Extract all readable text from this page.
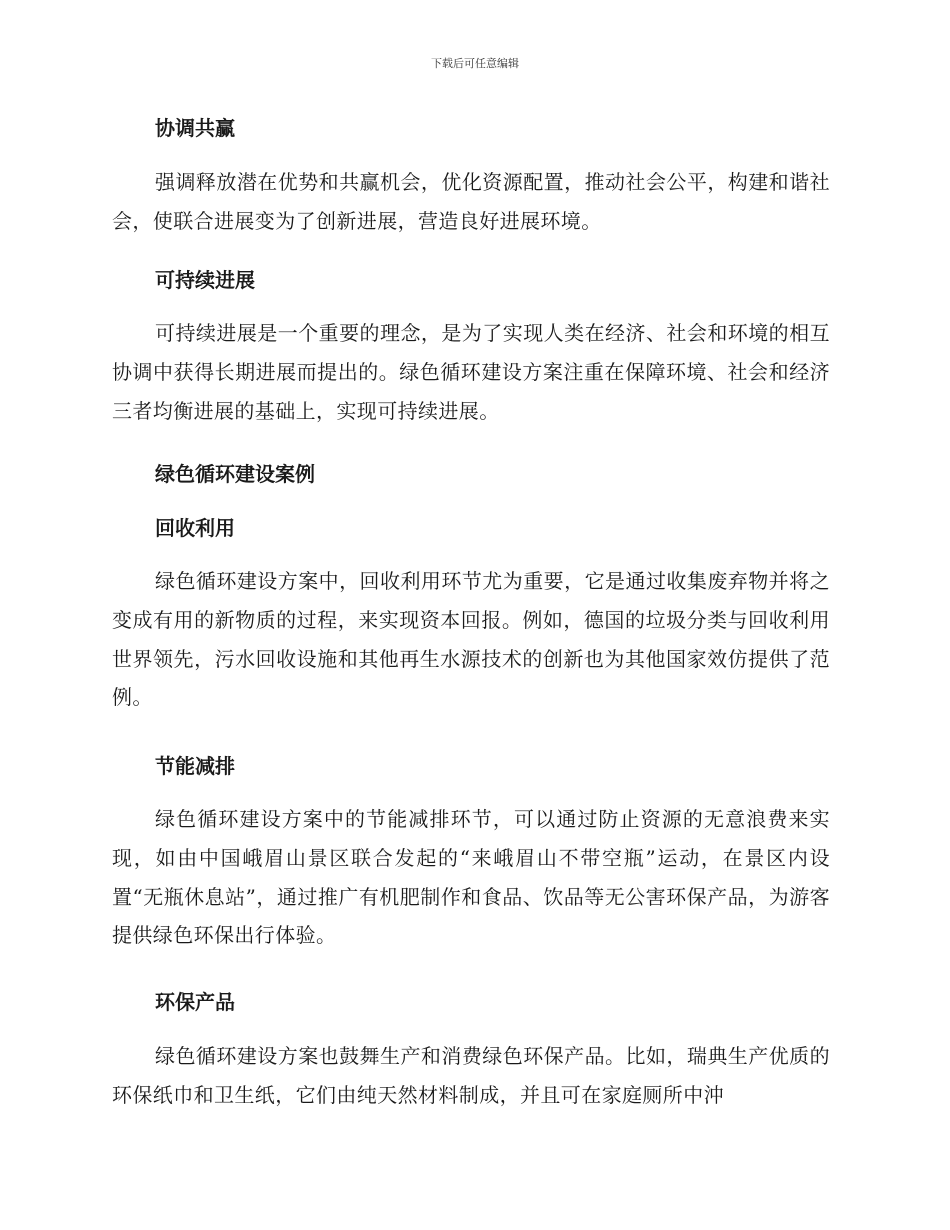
下载后可任意编辑
协调共赢
强调释放潜在优势和共赢机会，优化资源配置，推动社会公平，构建和谐社会，使联合进展变为了创新进展，营造良好进展环境。
可持续进展
可持续进展是一个重要的理念，是为了实现人类在经济、社会和环境的相互协调中获得长期进展而提出的。绿色循环建设方案注重在保障环境、社会和经济三者均衡进展的基础上，实现可持续进展。
绿色循环建设案例
回收利用
绿色循环建设方案中，回收利用环节尤为重要，它是通过收集废弃物并将之变成有用的新物质的过程，来实现资本回报。例如，德国的垃圾分类与回收利用世界领先，污水回收设施和其他再生水源技术的创新也为其他国家效仿提供了范例。
节能减排
绿色循环建设方案中的节能减排环节，可以通过防止资源的无意浪费来实现，如由中国峨眉山景区联合发起的“来峨眉山不带空瓶”运动，在景区内设置“无瓶休息站”，通过推广有机肥制作和食品、饮品等无公害环保产品，为游客提供绿色环保出行体验。
环保产品
绿色循环建设方案也鼓舞生产和消费绿色环保产品。比如，瑞典生产优质的环保纸巾和卫生纸，它们由纯天然材料制成，并且可在家庭厕所中沖
